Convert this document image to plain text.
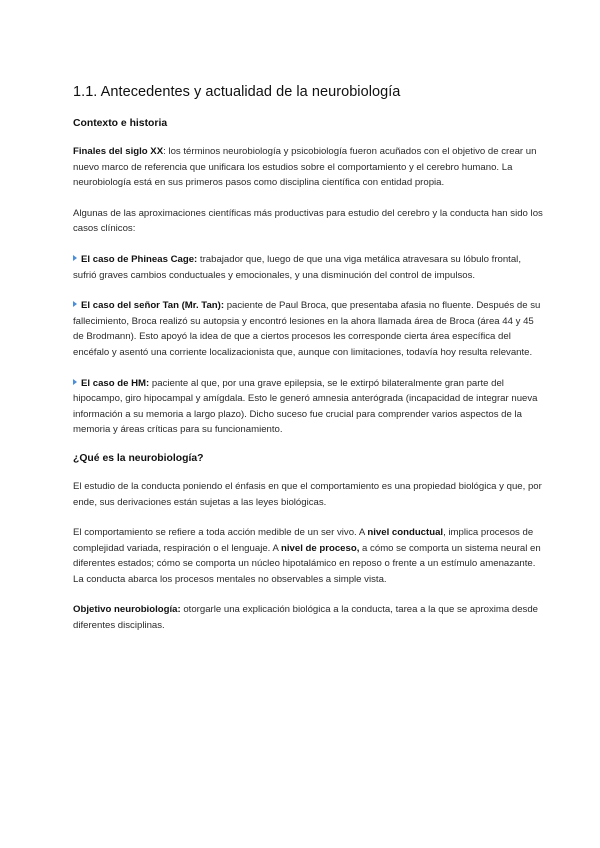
1.1. Antecedentes y actualidad de la neurobiología
Contexto e historia

Finales del siglo XX: los términos neurobiología y psicobiología fueron acuñados con el objetivo de crear un nuevo marco de referencia que unificara los estudios sobre el comportamiento y el cerebro humano. La neurobiología está en sus primeros pasos como disciplina científica con entidad propia.

Algunas de las aproximaciones científicas más productivas para estudio del cerebro y la conducta han sido los casos clínicos:

El caso de Phineas Cage: trabajador que, luego de que una viga metálica atravesara su lóbulo frontal, sufrió graves cambios conductuales y emocionales, y una disminución del control de impulsos.

El caso del señor Tan (Mr. Tan): paciente de Paul Broca, que presentaba afasia no fluente. Después de su fallecimiento, Broca realizó su autopsia y encontró lesiones en la ahora llamada área de Broca (área 44 y 45 de Brodmann). Esto apoyó la idea de que a ciertos procesos les corresponde cierta área específica del encéfalo y asentó una corriente localizacionista que, aunque con limitaciones, todavía hoy resulta relevante.

El caso de HM: paciente al que, por una grave epilepsia, se le extirpó bilateralmente gran parte del hipocampo, giro hipocampal y amígdala. Esto le generó amnesia anterógrada (incapacidad de integrar nueva información a su memoria a largo plazo). Dicho suceso fue crucial para comprender varios aspectos de la memoria y áreas críticas para su funcionamiento.

¿Qué es la neurobiología?

El estudio de la conducta poniendo el énfasis en que el comportamiento es una propiedad biológica y que, por ende, sus derivaciones están sujetas a las leyes biológicas.

El comportamiento se refiere a toda acción medible de un ser vivo. A nivel conductual, implica procesos de complejidad variada, respiración o el lenguaje. A nivel de proceso, a cómo se comporta un sistema neural en diferentes estados; cómo se comporta un núcleo hipotalámico en reposo o frente a un estímulo amenazante. La conducta abarca los procesos mentales no observables a simple vista.

Objetivo neurobiología: otorgarle una explicación biológica a la conducta, tarea a la que se aproxima desde diferentes disciplinas.
